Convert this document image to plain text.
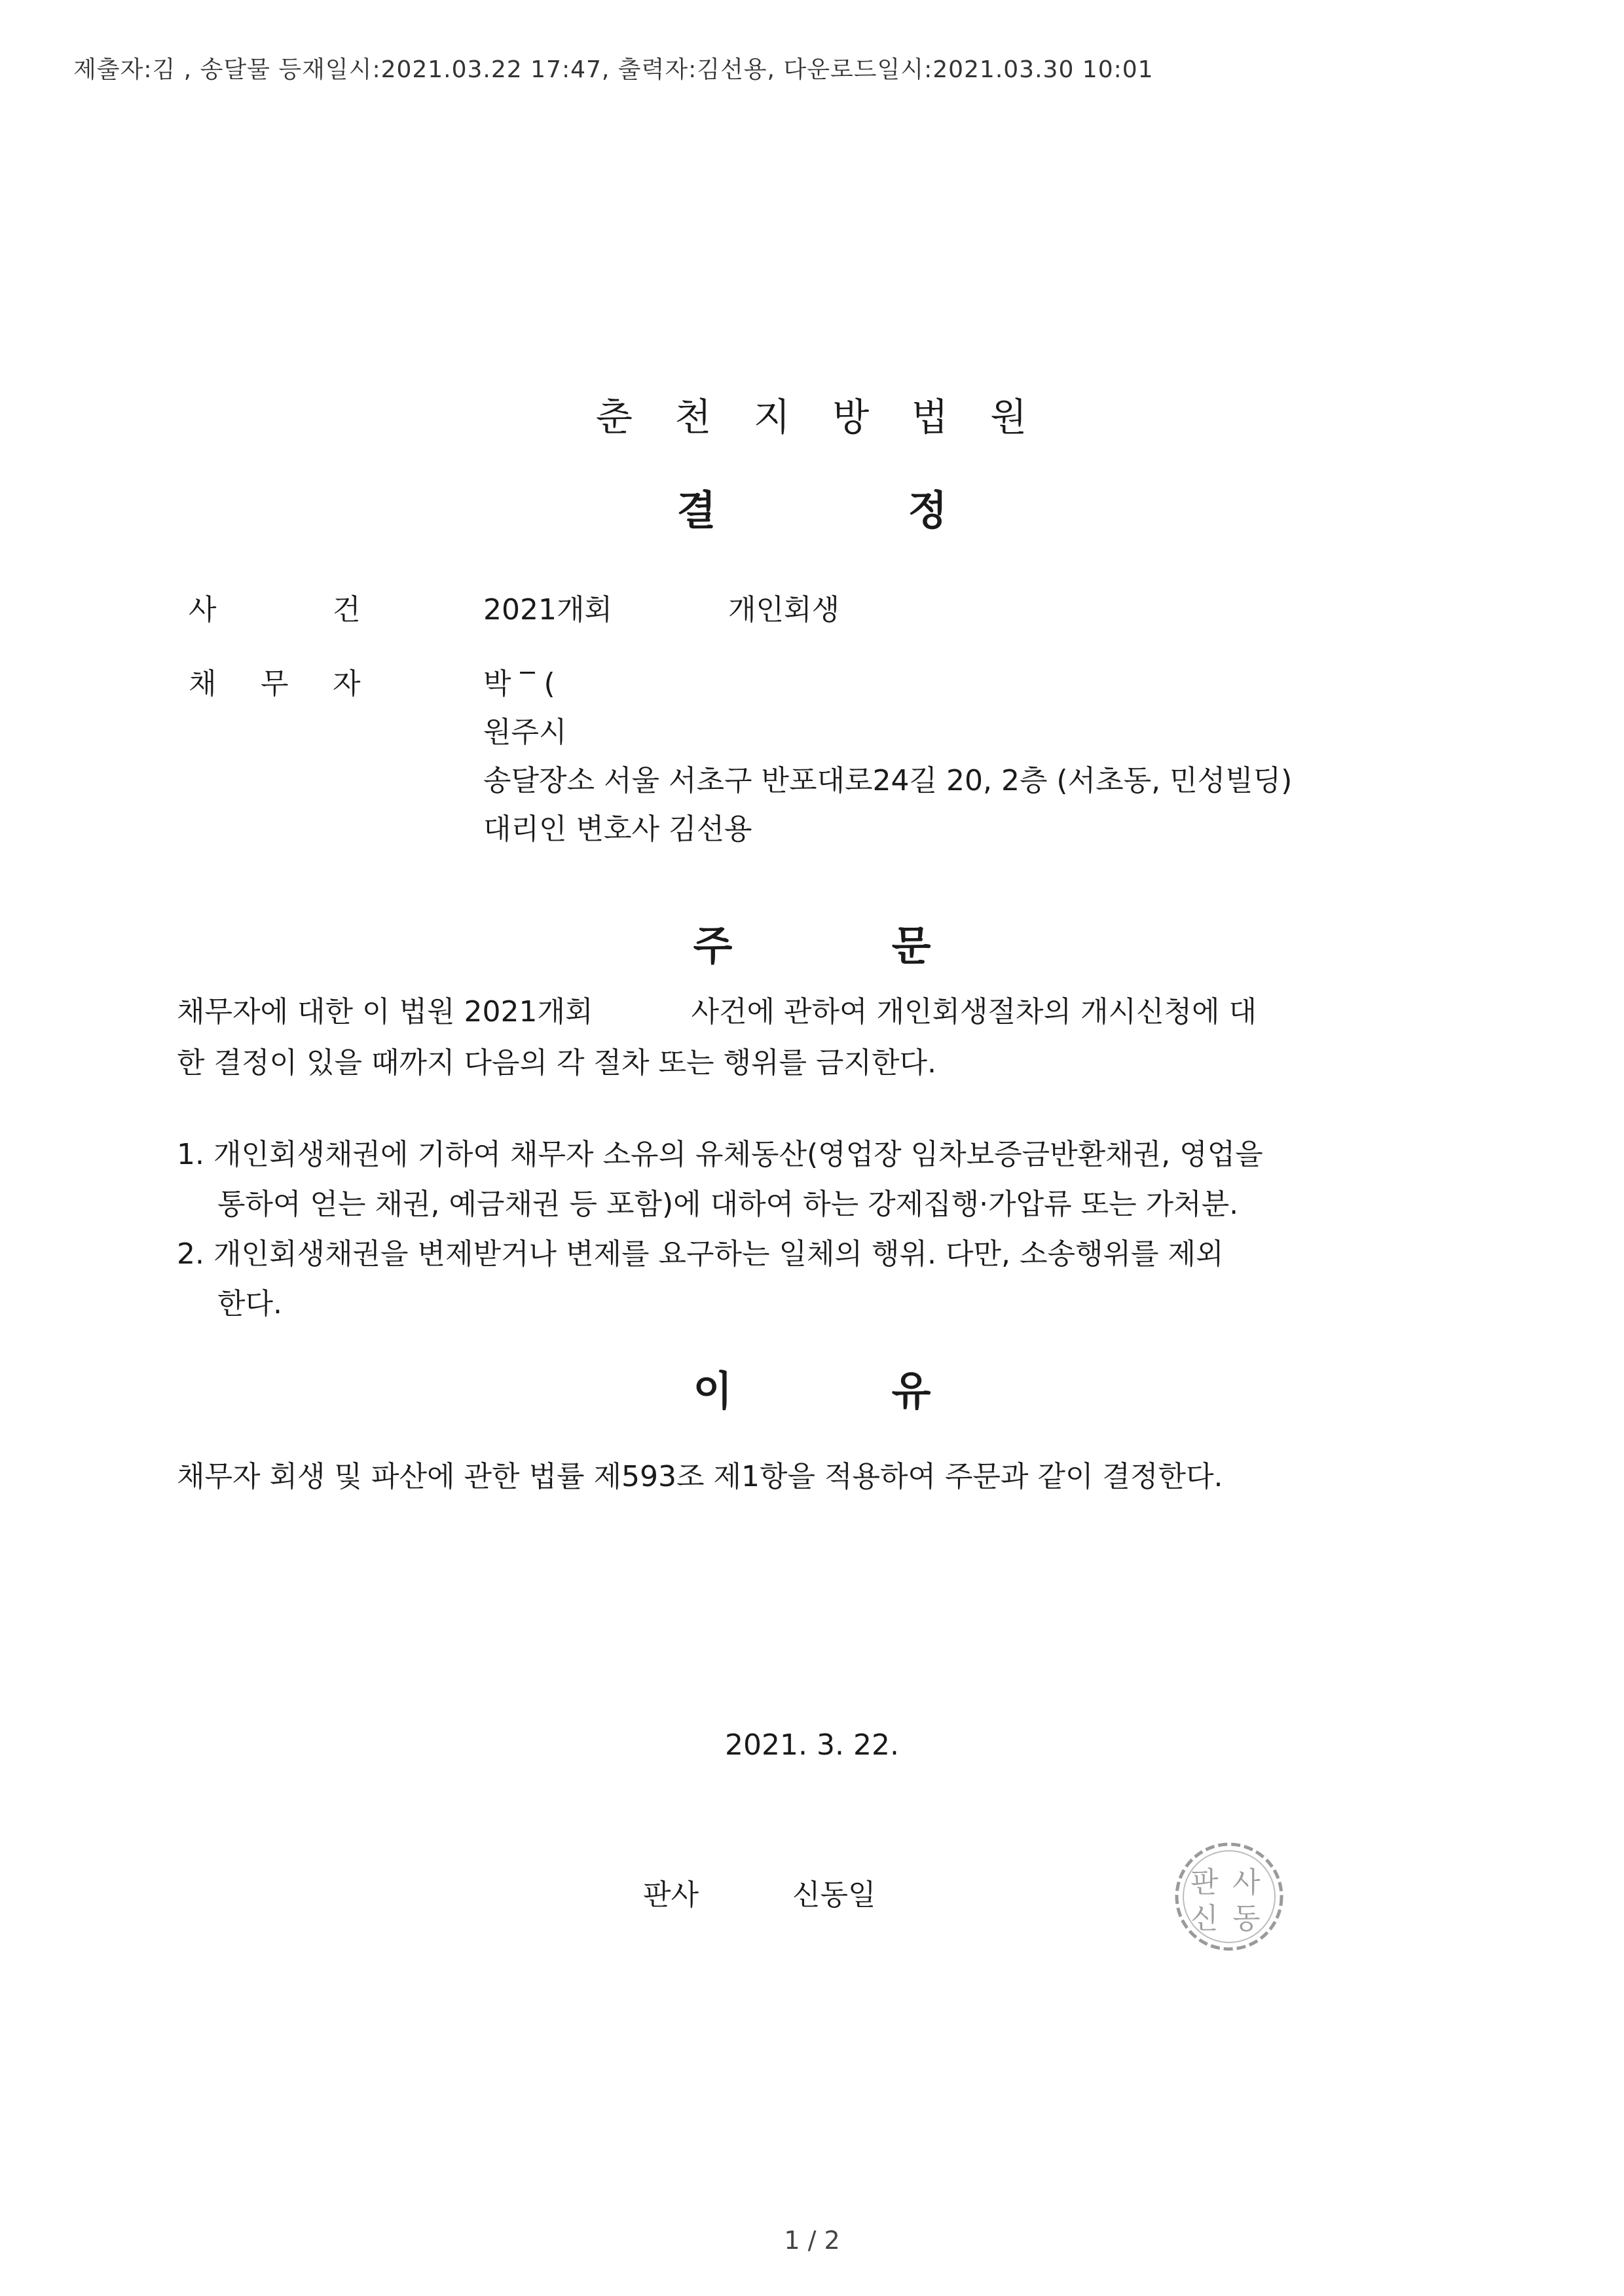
제출자:김 , 송달물 등재일시:2021.03.22 17:47, 출력자:김선용, 다운로드일시:2021.03.30 10:01
춘 천 지 방 법 원
결	정
사	건	2021개회	개인회생
채 무 자	박 ‾ (
원주시
송달장소 서울 서초구 반포대로24길 20, 2층 (서초동, 민성빌딩)
대리인 변호사 김선용
주	문
채무자에 대한 이 법원 2021개회	사건에 관하여 개인회생절차의 개시신청에 대
한 결정이 있을 때까지 다음의 각 절차 또는 행위를 금지한다.
1. 개인회생채권에 기하여 채무자 소유의 유체동산(영업장 임차보증금반환채권, 영업을
통하여 얻는 채권, 예금채권 등 포함)에 대하여 하는 강제집행·가압류 또는 가처분.
2. 개인회생채권을 변제받거나 변제를 요구하는 일체의 행위. 다만, 소송행위를 제외
한다.
이	유
채무자 회생 및 파산에 관한 법률 제593조 제1항을 적용하여 주문과 같이 결정한다.
2021. 3. 22.
판사	신동일	판 사
신 동
1 / 2
